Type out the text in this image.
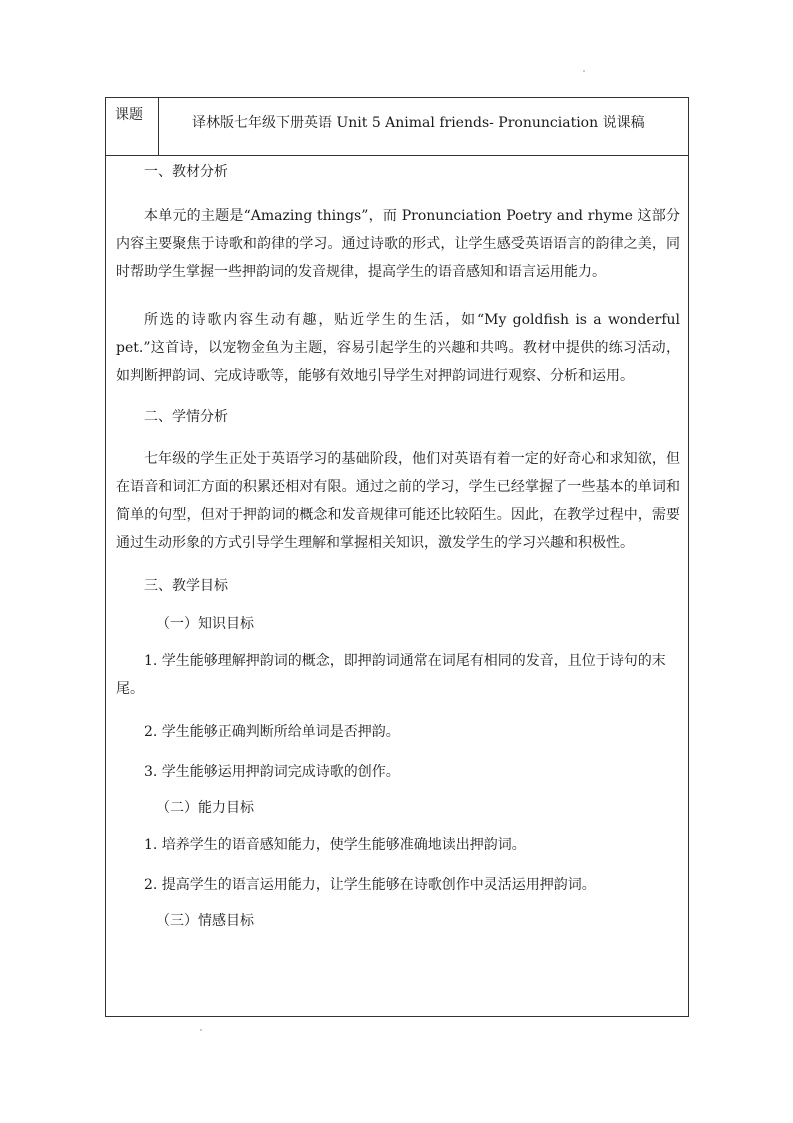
课题	译林版七年级下册英语 Unit 5 Animal friends- Pronunciation 说课稿

一、教材分析

本单元的主题是“Amazing things”，而 Pronunciation Poetry and rhyme 这部分内容主要聚焦于诗歌和韵律的学习。通过诗歌的形式，让学生感受英语语言的韵律之美，同时帮助学生掌握一些押韵词的发音规律，提高学生的语音感知和语言运用能力。

所选的诗歌内容生动有趣，贴近学生的生活，如“My goldfish is a wonderful pet.”这首诗，以宠物金鱼为主题，容易引起学生的兴趣和共鸣。教材中提供的练习活动，如判断押韵词、完成诗歌等，能够有效地引导学生对押韵词进行观察、分析和运用。

二、学情分析

七年级的学生正处于英语学习的基础阶段，他们对英语有着一定的好奇心和求知欲，但在语音和词汇方面的积累还相对有限。通过之前的学习，学生已经掌握了一些基本的单词和简单的句型，但对于押韵词的概念和发音规律可能还比较陌生。因此，在教学过程中，需要通过生动形象的方式引导学生理解和掌握相关知识，激发学生的学习兴趣和积极性。

三、教学目标

（一）知识目标

1. 学生能够理解押韵词的概念，即押韵词通常在词尾有相同的发音，且位于诗句的末尾。

2. 学生能够正确判断所给单词是否押韵。

3. 学生能够运用押韵词完成诗歌的创作。

（二）能力目标

1. 培养学生的语音感知能力，使学生能够准确地读出押韵词。

2. 提高学生的语言运用能力，让学生能够在诗歌创作中灵活运用押韵词。

（三）情感目标
